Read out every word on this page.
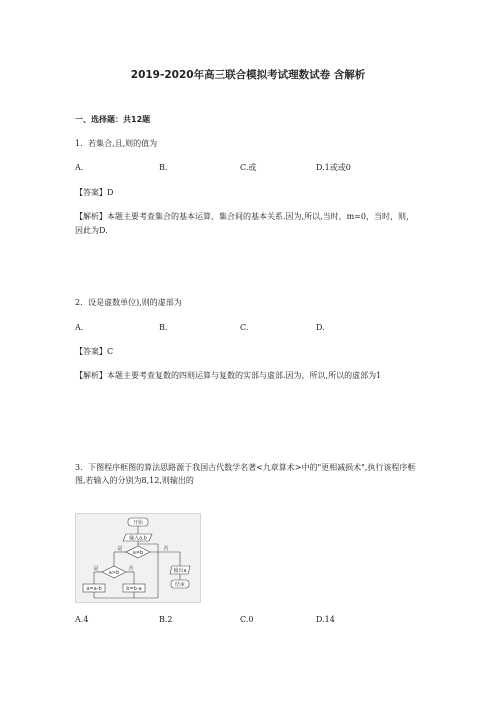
2019-2020年高三联合模拟考试理数试卷 含解析
一、选择题：共12题
1．若集合,且,则的值为
A.	B.	C.或	D.1或或0
【答案】D
【解析】本题主要考查集合的基本运算、集合间的基本关系.因为,所以,当时，m=0，当时，则，因此为D.
2．设是虚数单位),则的虚部为
A.	B.	C.	D.
【答案】C
【解析】本题主要考查复数的四则运算与复数的实部与虚部.因为，所以,所以的虚部为1
3．下图程序框图的算法思路源于我国古代数学名著<九章算术>中的"更相减损术",执行该程序框图,若输入的分别为8,12,则输出的
开始
输入a,b
a≠b
是	否
a>b
是	否
a=a-b	b=b-a
输出a
结束
A.4	B.2	C.0	D.14
